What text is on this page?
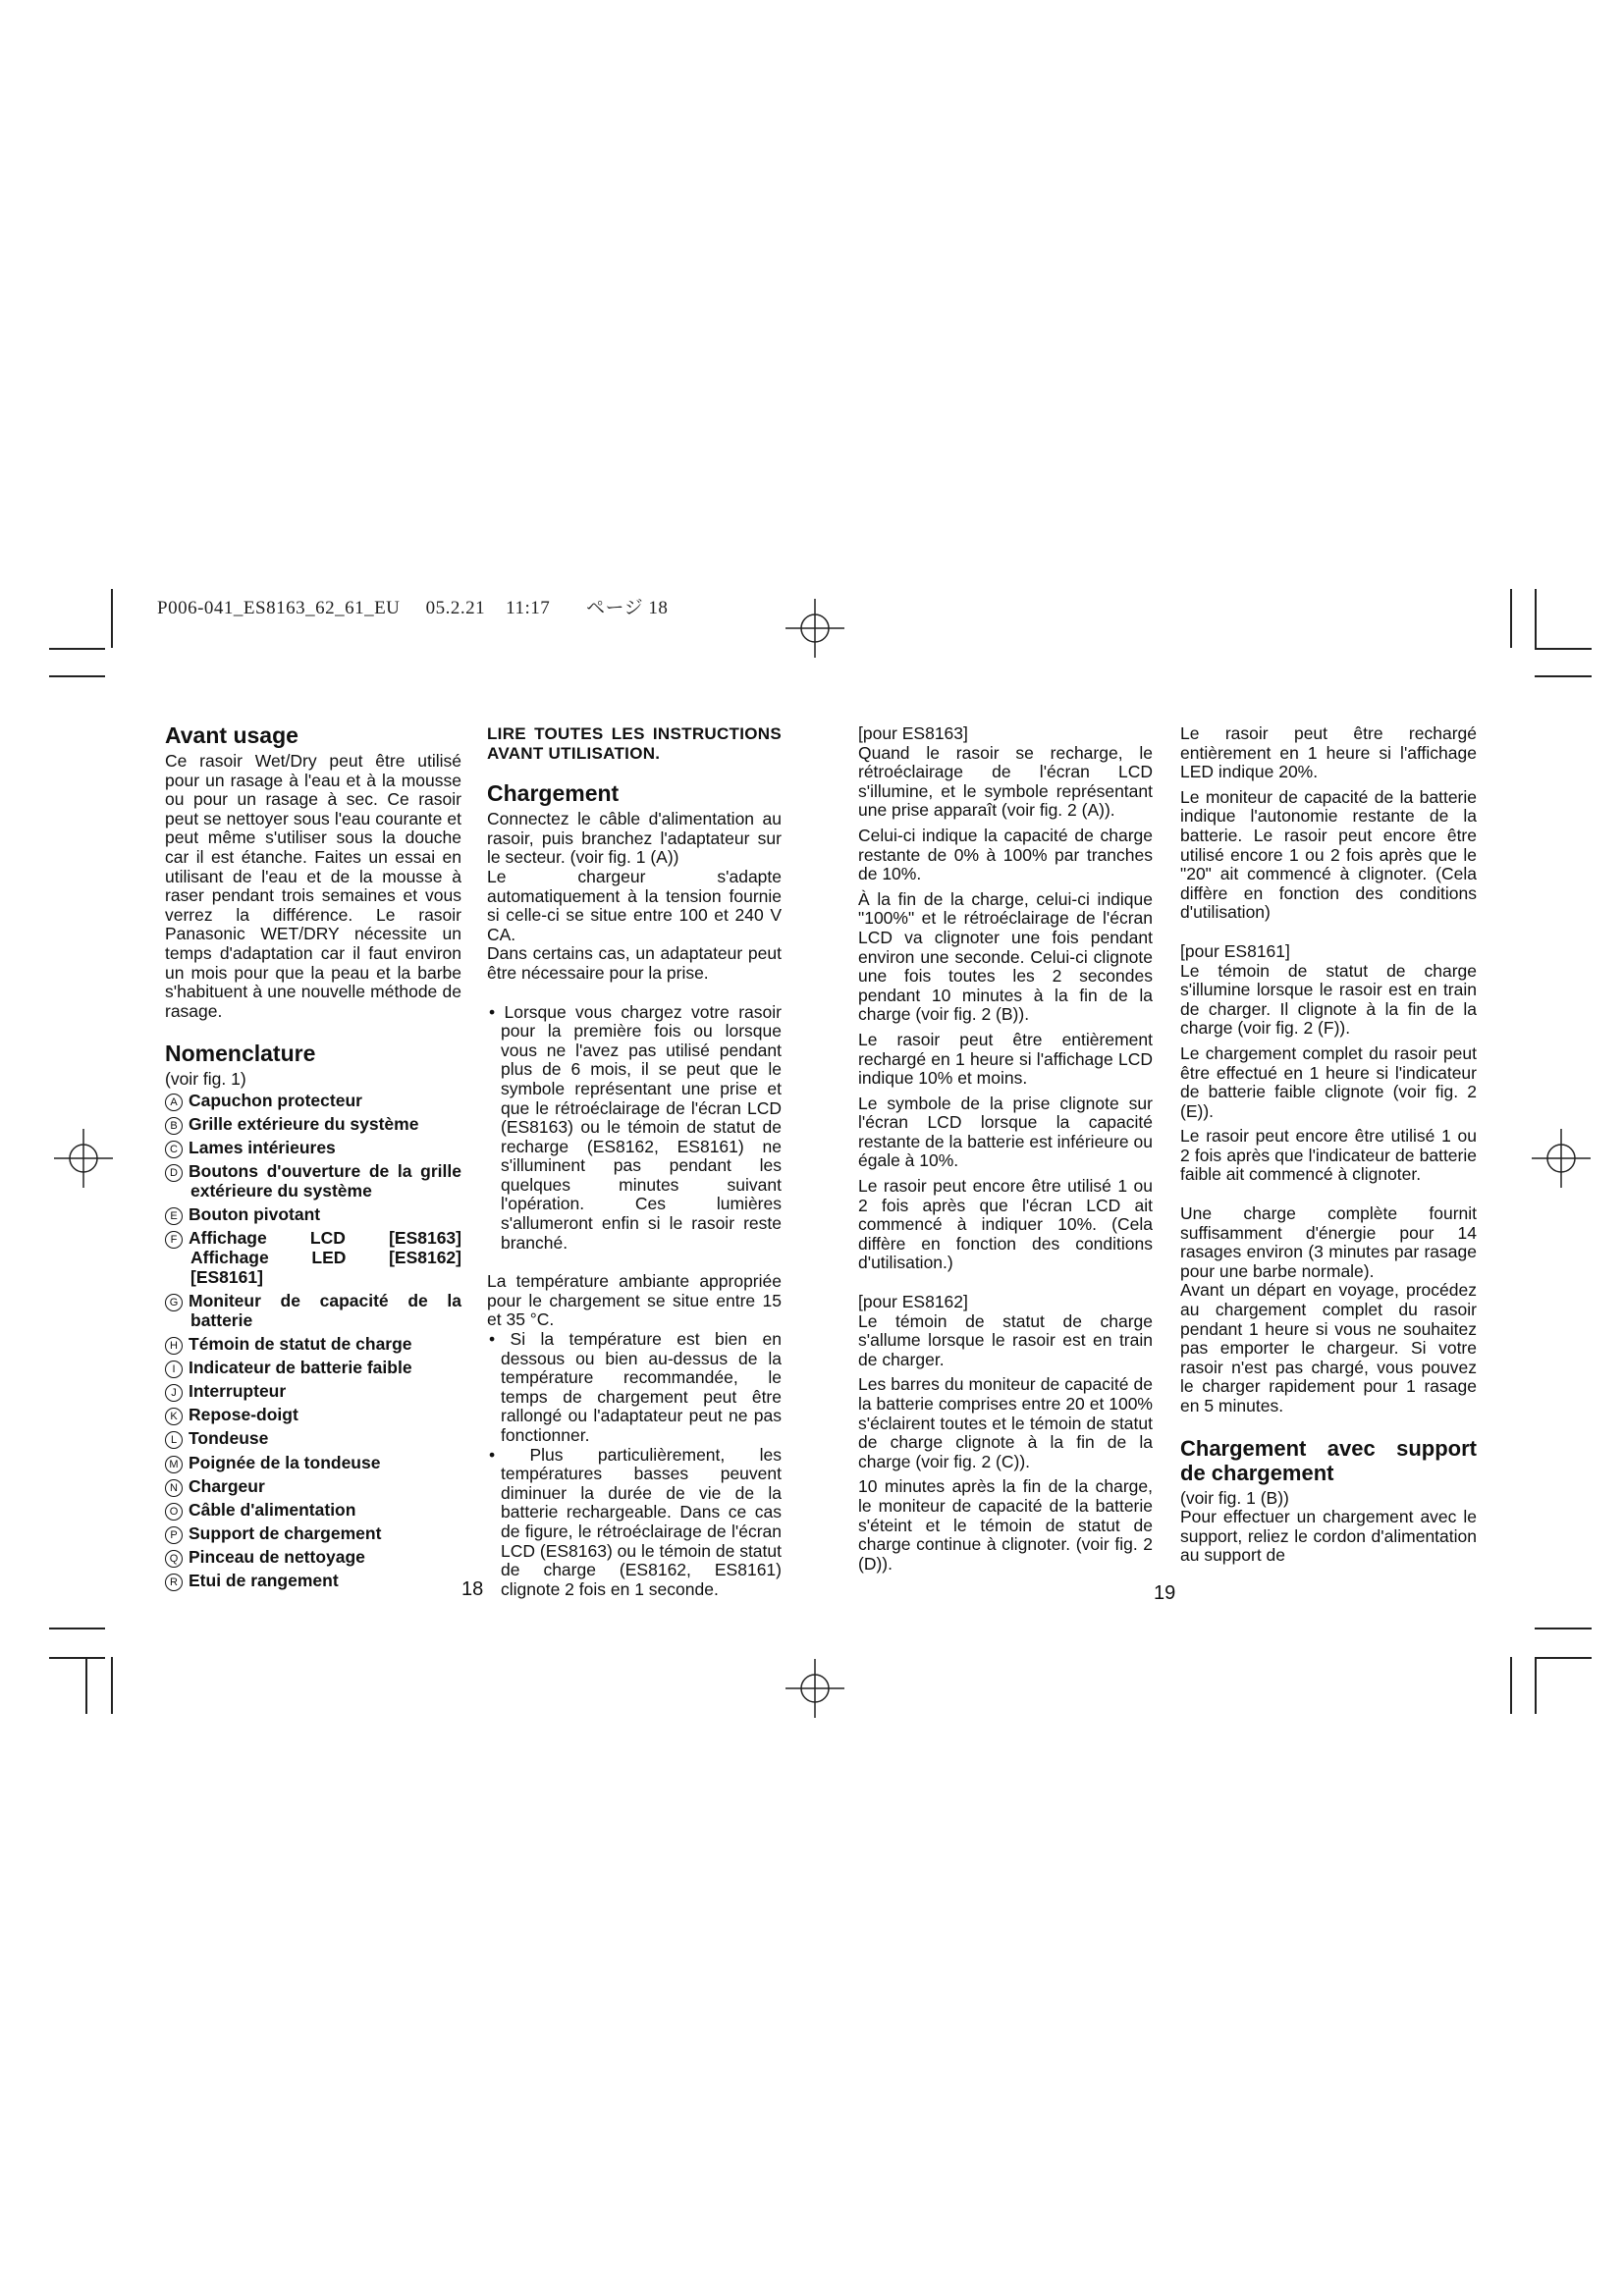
P006-041_ES8163_62_61_EU     05.2.21    11:17       ページ 18
Avant usage

Ce rasoir Wet/Dry peut être utilisé pour un rasage à l'eau et à la mousse ou pour un rasage à sec. Ce rasoir peut se nettoyer sous l'eau courante et peut même s'utiliser sous la douche car il est étanche. Faites un essai en utilisant de l'eau et de la mousse à raser pendant trois semaines et vous verrez la différence. Le rasoir Panasonic WET/DRY nécessite un temps d'adaptation car il faut environ un mois pour que la peau et la barbe s'habituent à une nouvelle méthode de rasage.

Nomenclature

(voir fig. 1)

A Capuchon protecteur
B Grille extérieure du système
C Lames intérieures
D Boutons d'ouverture de la grille extérieure du système
E Bouton pivotant
F Affichage LCD [ES8163] Affichage LED [ES8162] [ES8161]
G Moniteur de capacité de la batterie
H Témoin de statut de charge
I Indicateur de batterie faible
J Interrupteur
K Repose-doigt
L Tondeuse
M Poignée de la tondeuse
N Chargeur
O Câble d'alimentation
P Support de chargement
Q Pinceau de nettoyage
R Etui de rangement
LIRE TOUTES LES INSTRUCTIONS AVANT UTILISATION.
Chargement

Connectez le câble d'alimentation au rasoir, puis branchez l'adaptateur sur le secteur. (voir fig. 1 (A))

Le chargeur s'adapte automatiquement à la tension fournie si celle-ci se situe entre 100 et 240 V CA.

Dans certains cas, un adaptateur peut être nécessaire pour la prise.

• Lorsque vous chargez votre rasoir pour la première fois ou lorsque vous ne l'avez pas utilisé pendant plus de 6 mois, il se peut que le symbole représentant une prise et que le rétroéclairage de l'écran LCD (ES8163) ou le témoin de statut de recharge (ES8162, ES8161) ne s'illuminent pas pendant les quelques minutes suivant l'opération. Ces lumières s'allumeront enfin si le rasoir reste branché.

La température ambiante appropriée pour le chargement se situe entre 15 et 35 °C.

• Si la température est bien en dessous ou bien au-dessus de la température recommandée, le temps de chargement peut être rallongé ou l'adaptateur peut ne pas fonctionner.

• Plus particulièrement, les températures basses peuvent diminuer la durée de vie de la batterie rechargeable. Dans ce cas de figure, le rétroéclairage de l'écran LCD (ES8163) ou le témoin de statut de charge (ES8162, ES8161) clignote 2 fois en 1 seconde.

18

[pour ES8163]

Quand le rasoir se recharge, le rétroéclairage de l'écran LCD s'illumine, et le symbole représentant une prise apparaît (voir fig. 2 (A)).

Celui-ci indique la capacité de charge restante de 0% à 100% par tranches de 10%.

À la fin de la charge, celui-ci indique "100%" et le rétroéclairage de l'écran LCD va clignoter une fois pendant environ une seconde. Celui-ci clignote une fois toutes les 2 secondes pendant 10 minutes à la fin de la charge (voir fig. 2 (B)).

Le rasoir peut être entièrement rechargé en 1 heure si l'affichage LCD indique 10% et moins.

Le symbole de la prise clignote sur l'écran LCD lorsque la capacité restante de la batterie est inférieure ou égale à 10%.

Le rasoir peut encore être utilisé 1 ou 2 fois après que l'écran LCD ait commencé à indiquer 10%. (Cela diffère en fonction des conditions d'utilisation.)

[pour ES8162]

Le témoin de statut de charge s'allume lorsque le rasoir est en train de charger.

Les barres du moniteur de capacité de la batterie comprises entre 20 et 100% s'éclairent toutes et le témoin de statut de charge clignote à la fin de la charge (voir fig. 2 (C)).

10 minutes après la fin de la charge, le moniteur de capacité de la batterie s'éteint et le témoin de statut de charge continue à clignoter. (voir fig. 2 (D)).

Le rasoir peut être rechargé entièrement en 1 heure si l'affichage LED indique 20%.

Le moniteur de capacité de la batterie indique l'autonomie restante de la batterie. Le rasoir peut encore être utilisé encore 1 ou 2 fois après que le "20" ait commencé à clignoter. (Cela diffère en fonction des conditions d'utilisation)

[pour ES8161]

Le témoin de statut de charge s'illumine lorsque le rasoir est en train de charger. Il clignote à la fin de la charge (voir fig. 2 (F)).

Le chargement complet du rasoir peut être effectué en 1 heure si l'indicateur de batterie faible clignote (voir fig. 2 (E)).

Le rasoir peut encore être utilisé 1 ou 2 fois après que l'indicateur de batterie faible ait commencé à clignoter.

Une charge complète fournit suffisamment d'énergie pour 14 rasages environ (3 minutes par rasage pour une barbe normale).

Avant un départ en voyage, procédez au chargement complet du rasoir pendant 1 heure si vous ne souhaitez pas emporter le chargeur. Si votre rasoir n'est pas chargé, vous pouvez le charger rapidement pour 1 rasage en 5 minutes.

Chargement avec support de chargement

(voir fig. 1 (B))

Pour effectuer un chargement avec le support, reliez le cordon d'alimentation au support de

19
